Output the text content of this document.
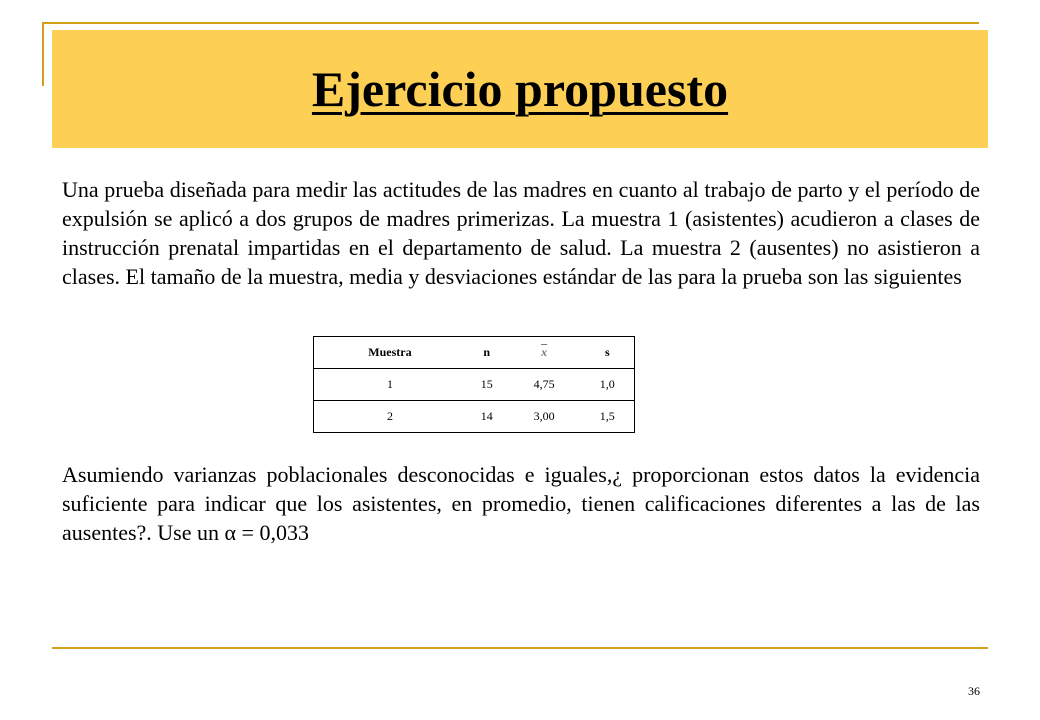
Ejercicio propuesto

Una prueba diseñada para medir las actitudes de las madres en cuanto al trabajo de parto y el período de expulsión se aplicó a dos grupos de madres primerizas. La muestra 1 (asistentes) acudieron a clases de instrucción prenatal impartidas en el departamento de salud. La muestra 2 (ausentes) no asistieron a clases. El tamaño de la muestra, media y desviaciones estándar de las para la prueba son las siguientes

Muestra	n	$\overline{x}$	s
1	15	4,75	1,0
2	14	3,00	1,5

Asumiendo varianzas poblacionales desconocidas e iguales,¿ proporcionan estos datos la evidencia suficiente para indicar que los asistentes, en promedio, tienen calificaciones diferentes a las de las ausentes?. Use un α = 0,033

36
